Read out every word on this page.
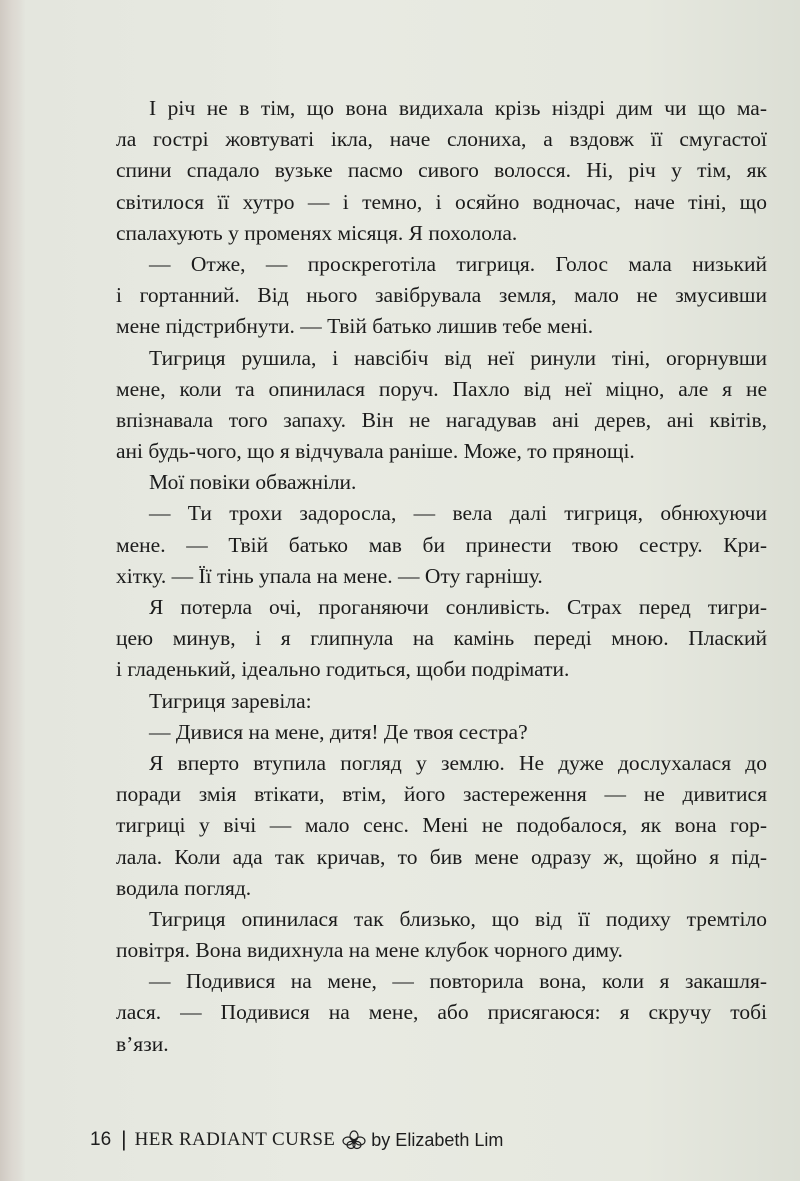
І річ не в тім, що вона видихала крізь ніздрі дим чи що ма-
ла гострі жовтуваті ікла, наче слониха, а вздовж її смугастої
спини спадало вузьке пасмо сивого волосся. Ні, річ у тім, як
світилося її хутро — і темно, і осяйно водночас, наче тіні, що
спалахують у променях місяця. Я похолола.
— Отже, — проскреготіла тигриця. Голос мала низький
і гортанний. Від нього завібрувала земля, мало не змусивши
мене підстрибнути. — Твій батько лишив тебе мені.
Тигриця рушила, і навсібіч від неї ринули тіні, огорнувши
мене, коли та опинилася поруч. Пахло від неї міцно, але я не
впізнавала того запаху. Він не нагадував ані дерев, ані квітів,
ані будь-чого, що я відчувала раніше. Може, то прянощі.
Мої повіки обважніли.
— Ти трохи задоросла, — вела далі тигриця, обнюхуючи
мене. — Твій батько мав би принести твою сестру. Кри-
хітку. — Її тінь упала на мене. — Оту гарнішу.
Я потерла очі, проганяючи сонливість. Страх перед тигри-
цею минув, і я глипнула на камінь переді мною. Плаский
і гладенький, ідеально годиться, щоби подрімати.
Тигриця заревіла:
— Дивися на мене, дитя! Де твоя сестра?
Я вперто втупила погляд у землю. Не дуже дослухалася до
поради змія втікати, втім, його застереження — не дивитися
тигриці у вічі — мало сенс. Мені не подобалося, як вона гор-
лала. Коли ада так кричав, то бив мене одразу ж, щойно я під-
водила погляд.
Тигриця опинилася так близько, що від її подиху тремтіло
повітря. Вона видихнула на мене клубок чорного диму.
— Подивися на мене, — повторила вона, коли я закашля-
лася. — Подивися на мене, або присягаюся: я скручу тобі
в’язи.
16 | HER RADIANT CURSE by Elizabeth Lim
